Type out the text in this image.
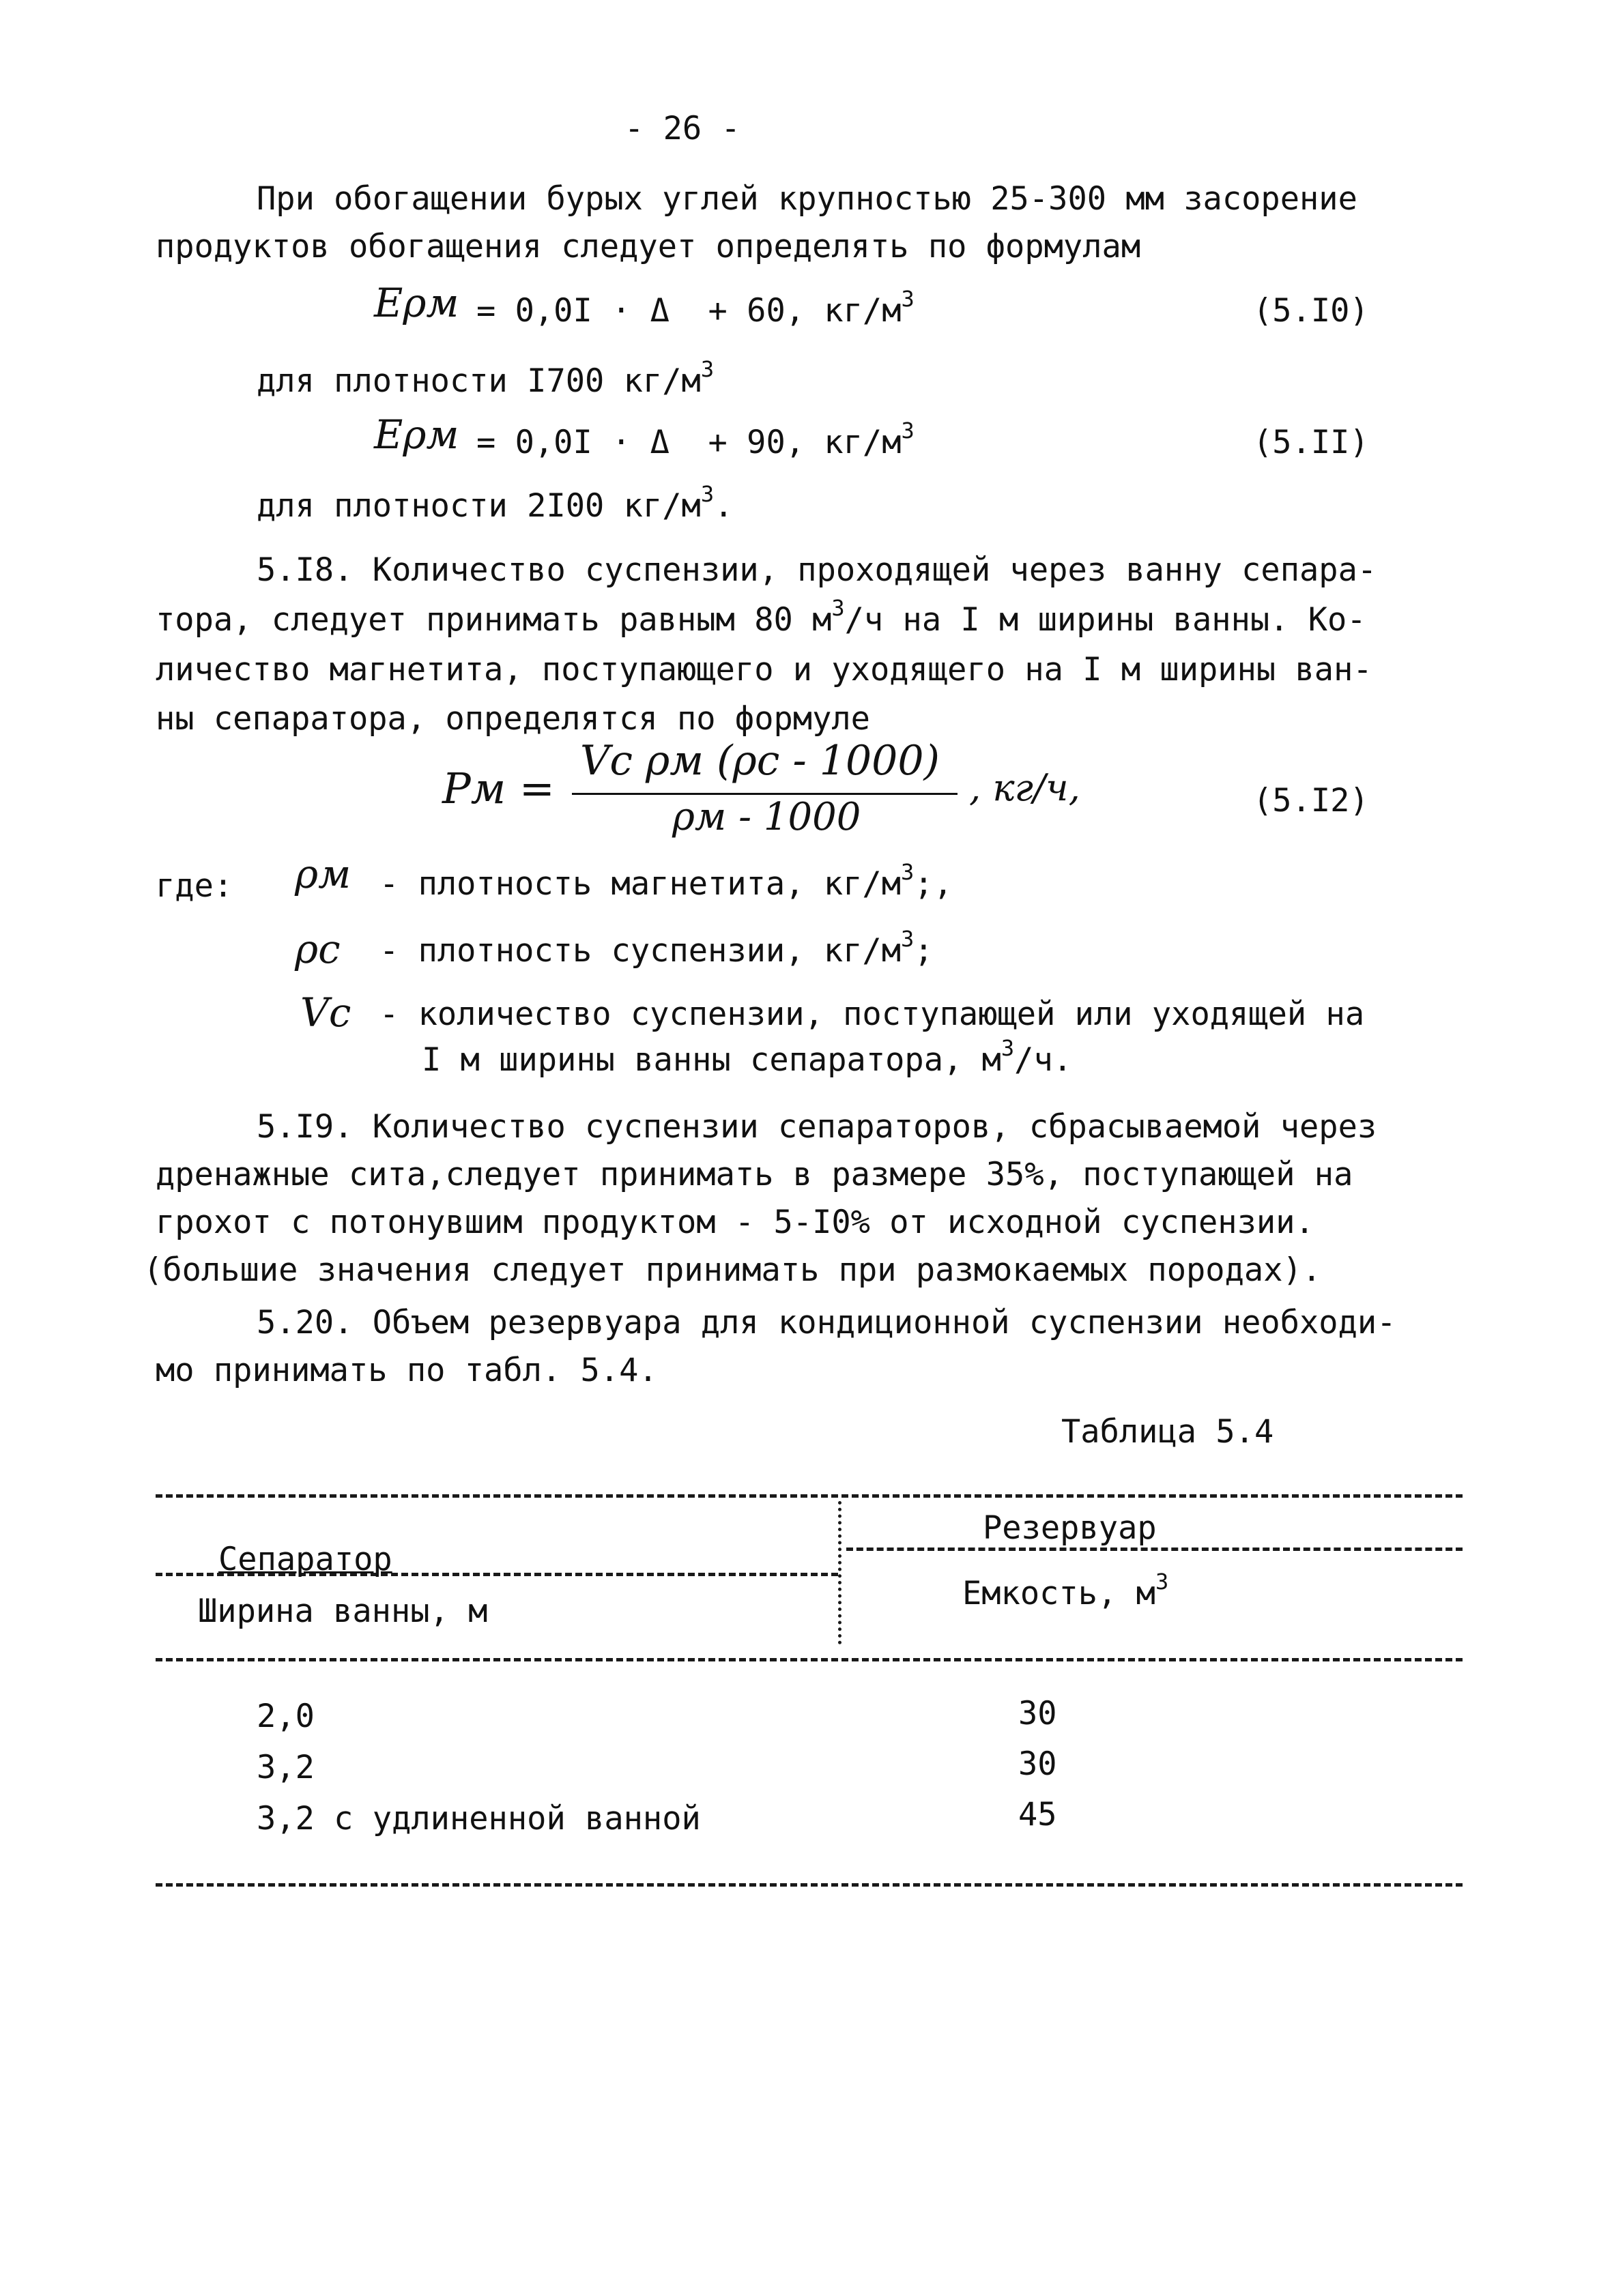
- 26 -
При обогащении бурых углей крупностью 25-300 мм засорение
продуктов обогащения следует определять по формулам
Ερм = 0,0I · Δ  + 60, $кг/м^3$	(5.I0)
для плотности I700 $кг/м^3$
Ερм = 0,0I · Δ  + 90, $кг/м^3$	(5.II)
для плотности 2I00 $кг/м^3$.
5.I8. Количество суспензии, проходящей через ванну сепара-
тора, следует принимать равным 80 $м^3/ч$ на I м ширины ванны. Ко-
личество магнетита, поступающего и уходящего на I м ширины ван-
ны сепаратора, определятся по формуле
Рм =
Vc ρм (ρc - 1000)
ρм - 1000
, кг/ч,	(5.I2)
где: ρм - плотность магнетита, $кг/м^3$;,
ρc - плотность суспензии, $кг/м^3$;
Vc - количество суспензии, поступающей или уходящей на
I м ширины ванны сепаратора, $м^3/ч$.
5.I9. Количество суспензии сепараторов, сбрасываемой через
дренажные сита,следует принимать в размере 35%, поступающей на
грохот с потонувшим продуктом - 5-I0% от исходной суспензии.
(большие значения следует принимать при размокаемых породах).
5.20. Объем резервуара для кондиционной суспензии необходи-
мо принимать по табл. 5.4.
Таблица 5.4
Резервуар
Сепаратор
Ширина ванны, м	Емкость, $м^3$
2,0	30
3,2	30
3,2 с удлиненной ванной	45
